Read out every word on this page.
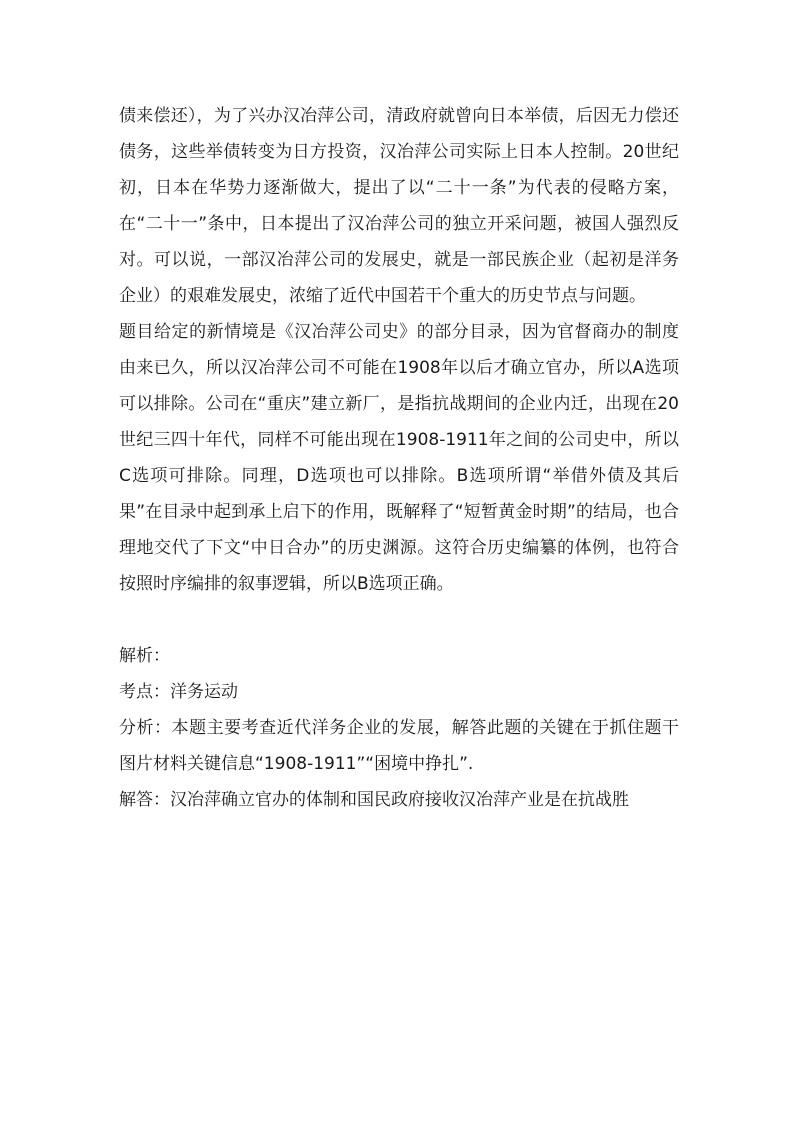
债来偿还），为了兴办汉冶萍公司，清政府就曾向日本举债，后因无力偿还债务，这些举债转变为日方投资，汉冶萍公司实际上日本人控制。20世纪初，日本在华势力逐渐做大，提出了以“二十一条”为代表的侵略方案，在“二十一”条中，日本提出了汉冶萍公司的独立开采问题，被国人强烈反对。可以说，一部汉冶萍公司的发展史，就是一部民族企业（起初是洋务企业）的艰难发展史，浓缩了近代中国若干个重大的历史节点与问题。

题目给定的新情境是《汉冶萍公司史》的部分目录，因为官督商办的制度由来已久，所以汉冶萍公司不可能在1908年以后才确立官办，所以A选项可以排除。公司在“重庆”建立新厂，是指抗战期间的企业内迁，出现在20世纪三四十年代，同样不可能出现在1908-1911年之间的公司史中，所以C选项可排除。同理，D选项也可以排除。B选项所谓“举借外债及其后果”在目录中起到承上启下的作用，既解释了“短暂黄金时期”的结局，也合理地交代了下文“中日合办”的历史渊源。这符合历史编纂的体例，也符合按照时序编排的叙事逻辑，所以B选项正确。

解析：

考点：洋务运动

分析：本题主要考查近代洋务企业的发展，解答此题的关键在于抓住题干图片材料关键信息“1908-1911”“困境中挣扎”.

解答：汉冶萍确立官办的体制和国民政府接收汉冶萍产业是在抗战胜
